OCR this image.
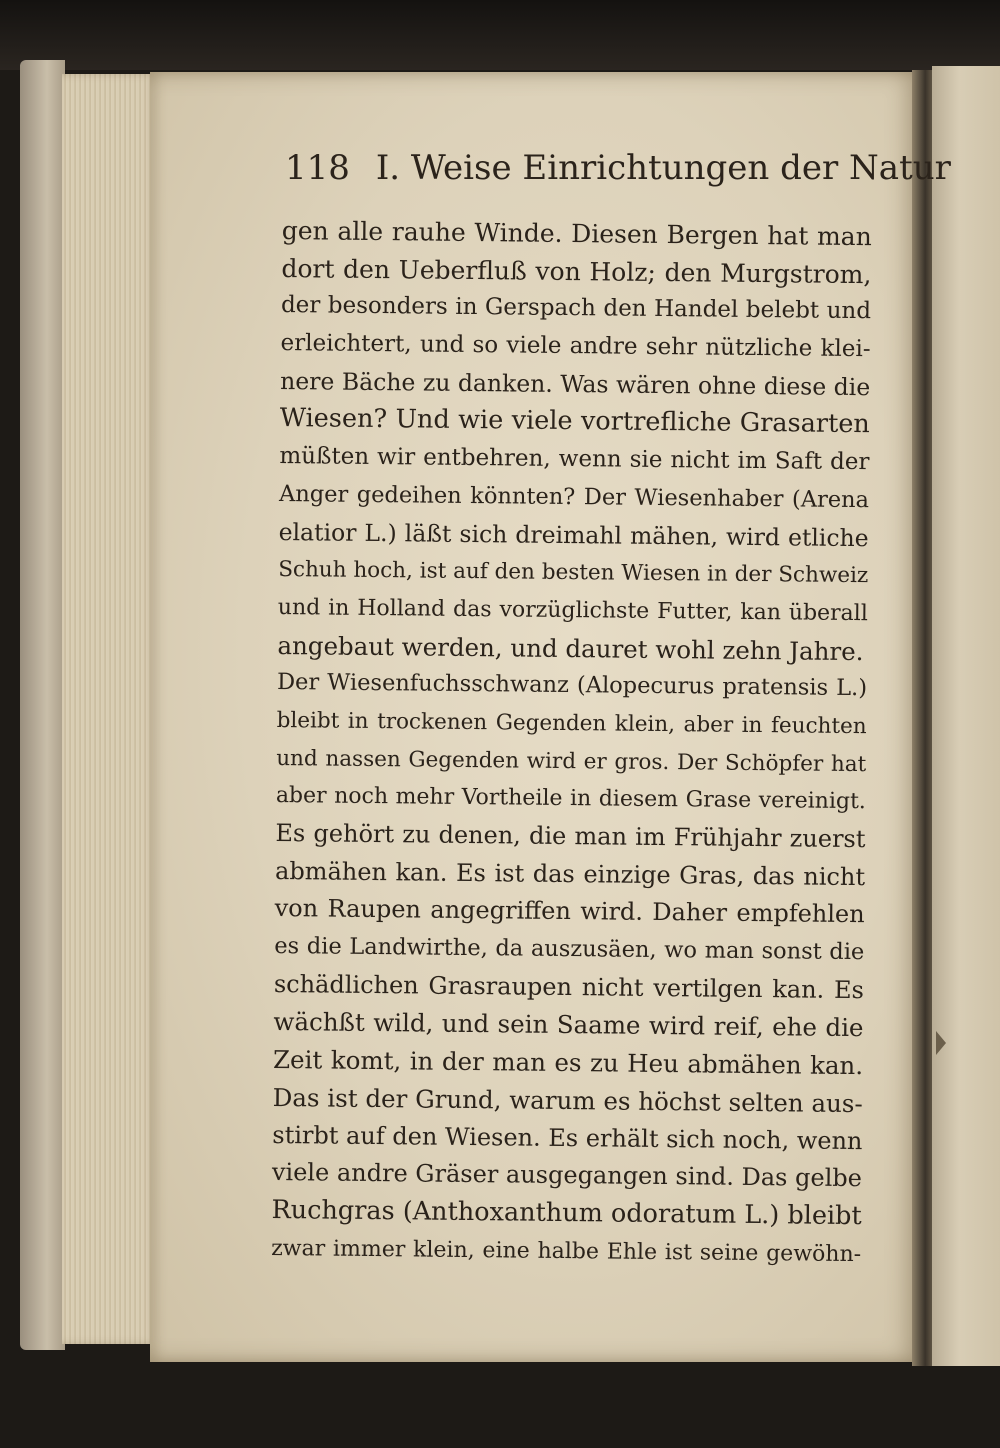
118 I. Weise Einrichtungen der Natur
gen alle rauhe Winde. Diesen Bergen hat man
dort den Ueberfluß von Holz; den Murgstrom,
der besonders in Gerspach den Handel belebt und
erleichtert, und so viele andre sehr nützliche klei-
nere Bäche zu danken. Was wären ohne diese die
Wiesen? Und wie viele vortrefliche Grasarten
müßten wir entbehren, wenn sie nicht im Saft der
Anger gedeihen könnten? Der Wiesenhaber (Arena
elatior L.) läßt sich dreimahl mähen, wird etliche
Schuh hoch, ist auf den besten Wiesen in der Schweiz
und in Holland das vorzüglichste Futter, kan überall
angebaut werden, und dauret wohl zehn Jahre.
Der Wiesenfuchsschwanz (Alopecurus pratensis L.)
bleibt in trockenen Gegenden klein, aber in feuchten
und nassen Gegenden wird er gros. Der Schöpfer hat
aber noch mehr Vortheile in diesem Grase vereinigt.
Es gehört zu denen, die man im Frühjahr zuerst
abmähen kan. Es ist das einzige Gras, das nicht
von Raupen angegriffen wird. Daher empfehlen
es die Landwirthe, da auszusäen, wo man sonst die
schädlichen Grasraupen nicht vertilgen kan. Es
wächßt wild, und sein Saame wird reif, ehe die
Zeit komt, in der man es zu Heu abmähen kan.
Das ist der Grund, warum es höchst selten aus-
stirbt auf den Wiesen. Es erhält sich noch, wenn
viele andre Gräser ausgegangen sind. Das gelbe
Ruchgras (Anthoxanthum odoratum L.) bleibt
zwar immer klein, eine halbe Ehle ist seine gewöhn-
